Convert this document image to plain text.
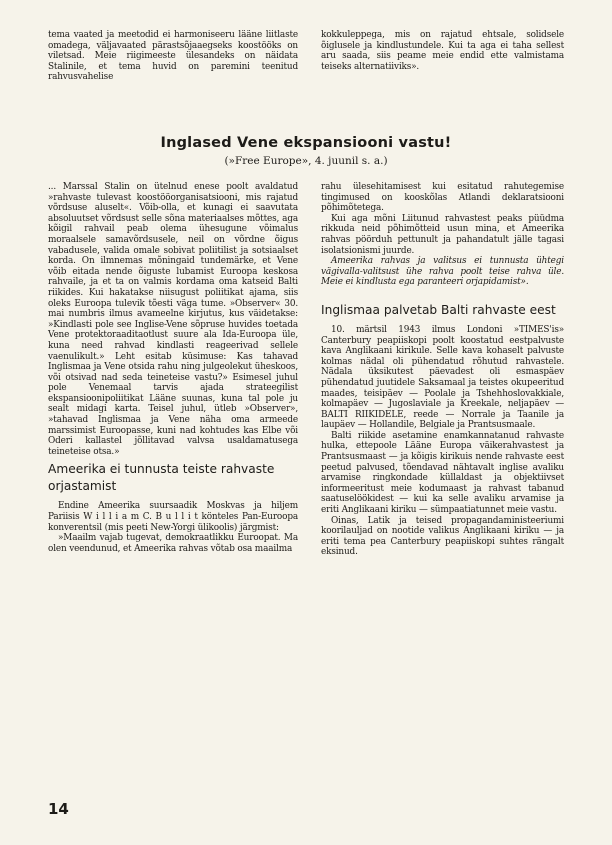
tema vaated ja meetodid ei harmoniseeru lääne liitlaste omadega, väljavaated pärastsõjaaegseks koostööks on viletsad. Meie riigimeeste ülesandeks on näidata Stalinile, et tema huvid on paremini teenitud rahvusvahelise

kokkuleppega, mis on rajatud ehtsale, solidsele õiglusele ja kindlustundele. Kui ta aga ei taha sellest aru saada, siis peame meie endid ette valmistama teiseks alternatiiviks».

Inglased Vene ekspansiooni vastu!
(»Free Europe», 4. juunil s. a.)

... Marssal Stalin on ütelnud enese poolt avaldatud »rahvaste tulevast koostööorganisatsiooni, mis rajatud võrdsuse aluselt«. Võib-olla, et kunagi ei saavutata absoluutset võrdsust selle sõna materiaalses mõttes, aga kõigil rahvail peab olema ühesugune võimalus moraalsele samavõrdsusele, neil on võrdne õigus vabadusele, valida omale sobivat poliitilist ja sotsiaalset korda. On ilmnemas mõningaid tundemärke, et Vene võib eitada nende õiguste lubamist Euroopa keskosa rahvaile, ja et ta on valmis kordama oma katseid Balti riikides. Kui hakatakse niisugust poliitikat ajama, siis oleks Euroopa tulevik tõesti väga tume. »Observer« 30. mai numbris ilmus avameelne kirjutus, kus väidetakse: »Kindlasti pole see Inglise-Vene sõpruse huvides toetada Vene protektoraaditaotlust suure ala Ida-Euroopa üle, kuna need rahvad kindlasti reageerivad sellele vaenulikult.» Leht esitab küsimuse: Kas tahavad Inglismaa ja Vene otsida rahu ning julgeolekut üheskoos, või otsivad nad seda teineteise vastu?» Esimesel juhul pole Venemaal tarvis ajada strateegilist ekspansioonipoliitikat Lääne suunas, kuna tal pole ju sealt midagi karta. Teisel juhul, ütleb »Observer», »tahavad Inglismaa ja Vene näha oma armeede marssimist Euroopasse, kuni nad kohtudes kas Elbe või Oderi kallastel jõllitavad valvsa usaldamatusega teineteise otsa.»

Ameerika ei tunnusta teiste rahvaste orjastamist

Endine Ameerika suursaadik Moskvas ja hiljem Pariisis W i l l i a m C. B u l l i t könteles Pan-Euroopa konverentsil (mis peeti New-Yorgi ülikoolis) järgmist:

»Maailm vajab tugevat, demokraatlikku Euroopat. Ma olen veendunud, et Ameerika rahvas võtab osa maailma

rahu ülesehitamisest kui esitatud rahutegemise tingimused on kooskõlas Atlandi deklaratsiooni põhimõtetega.

Kui aga mõni Liitunud rahvastest peaks püüdma rikkuda neid põhimõtteid usun mina, et Ameerika rahvas pöörduh pettunult ja pahandatult jälle tagasi isolatsionismi juurde.

Ameerika rahvas ja valitsus ei tunnusta ühtegi vägivalla-valitsust ühe rahva poolt teise rahva üle. Meie ei kindlusta ega paranteeri orjapidamist».

Inglismaa palvetab Balti rahvaste eest

10. märtsil 1943 ilmus Londoni »TIMES'is» Canterbury peapiiskopi poolt koostatud eestpalvuste kava Anglikaani kirikule. Selle kava kohaselt palvuste kolmas nädal oli pühendatud rõhutud rahvastele. Nädala üksikutest päevadest oli esmaspäev pühendatud juutidele Saksamaal ja teistes okupeeritud maades, teisipäev — Poolale ja Tshehhoslovakkiale, kolmapäev — Jugoslaviale ja Kreekale, neljapäev — BALTI RIIKIDELE, reede — Norrale ja Taanile ja laupäev — Hollandile, Belgiale ja Prantsusmaale.

Balti riikide asetamine enamkannatanud rahvaste hulka, ettepoole Lääne Europa väikerahvastest ja Prantsusmaast — ja kõigis kirikuis nende rahvaste eest peetud palvused, tõendavad nähtavalt inglise avaliku arvamise ringkondade küllaldast ja objektiivset informeeritust meie kodumaast ja rahvast tabanud saatuselöökidest — kui ka selle avaliku arvamise ja eriti Anglikaani kiriku — sümpaatiatunnet meie vastu.

Oinas, Latik ja teised propagandaministeeriumi koorilauljad on nootide valikus Anglikaani kiriku — ja eriti tema pea Canterbury peapiiskopi suhtes rängalt eksinud.

14
